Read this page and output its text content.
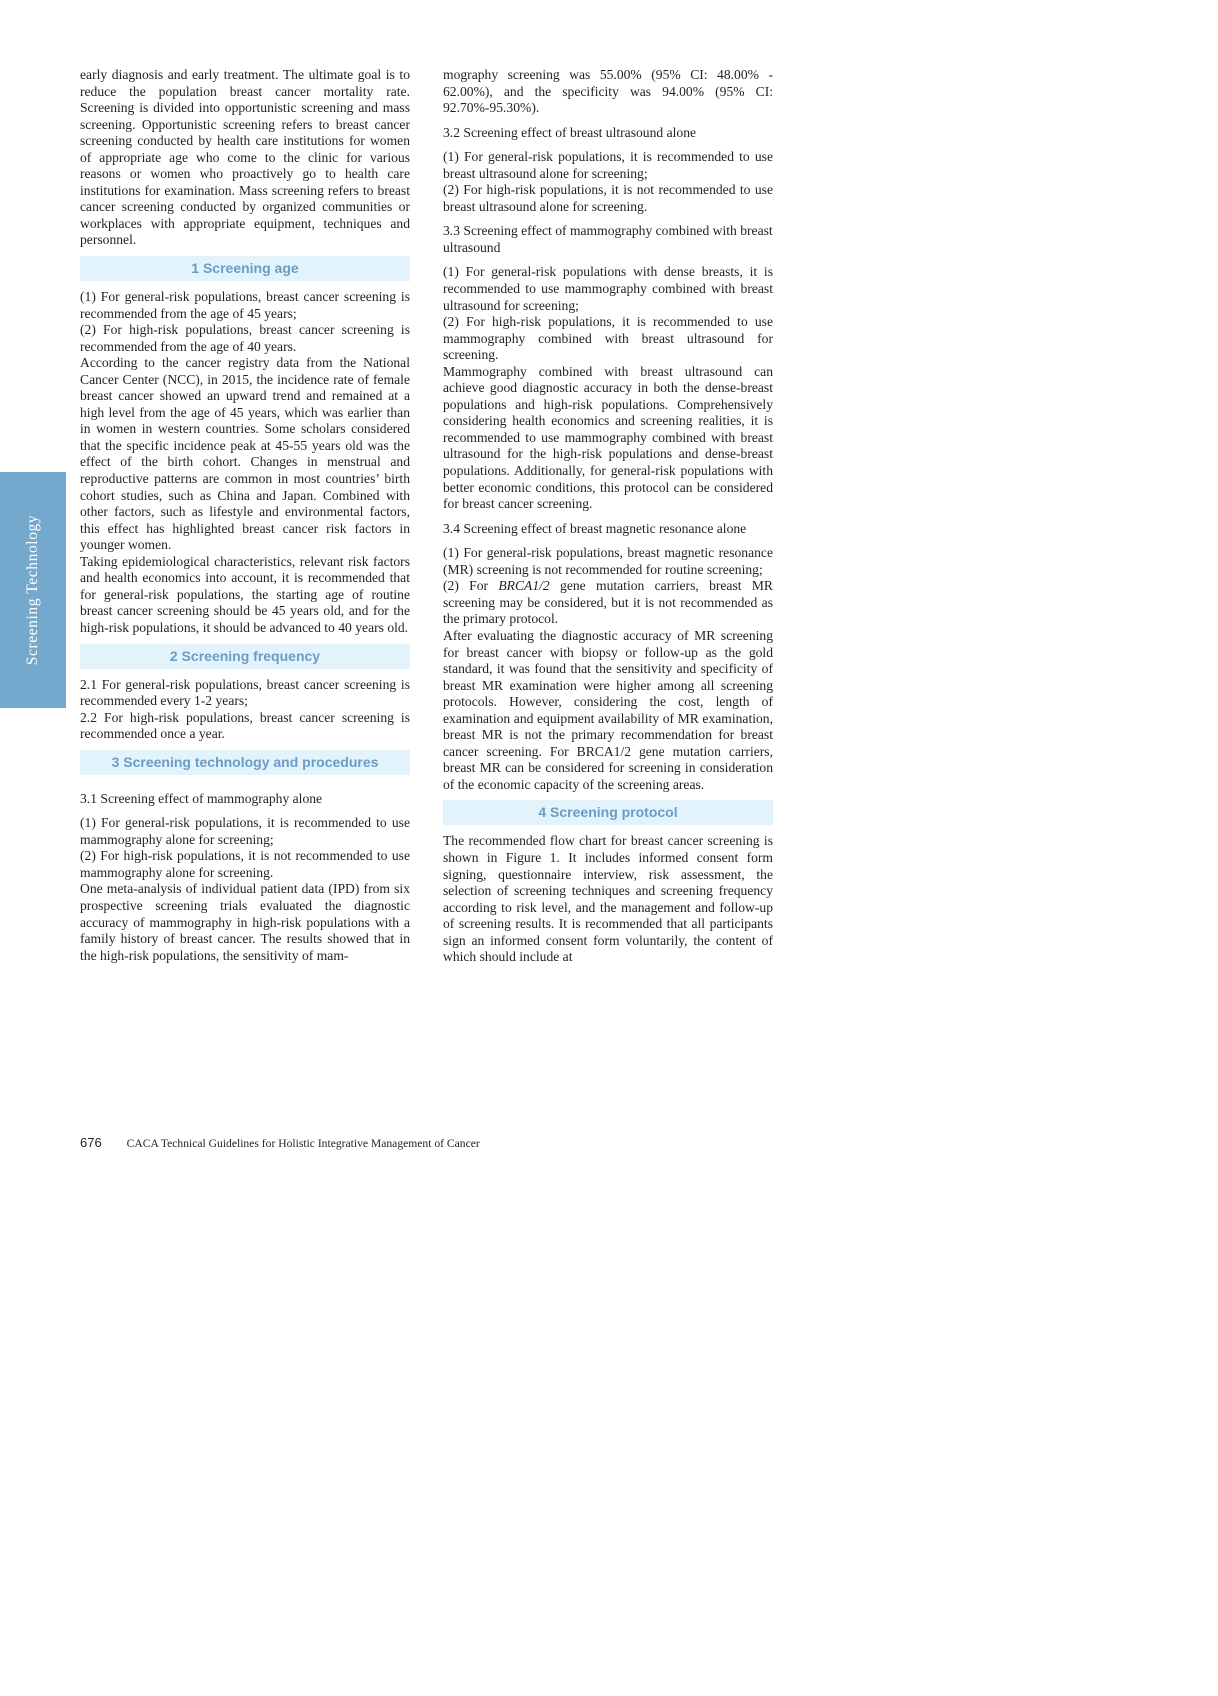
Screening Technology

early diagnosis and early treatment. The ultimate goal is to reduce the population breast cancer mortality rate. Screening is divided into opportunistic screening and mass screening. Opportunistic screening refers to breast cancer screening conducted by health care institutions for women of appropriate age who come to the clinic for various reasons or women who proactively go to health care institutions for examination. Mass screening refers to breast cancer screening conducted by organized communities or workplaces with appropriate equipment, techniques and personnel.

1 Screening age

(1) For general-risk populations, breast cancer screening is recommended from the age of 45 years;

(2) For high-risk populations, breast cancer screening is recommended from the age of 40 years.

According to the cancer registry data from the National Cancer Center (NCC), in 2015, the incidence rate of female breast cancer showed an upward trend and remained at a high level from the age of 45 years, which was earlier than in women in western countries. Some scholars considered that the specific incidence peak at 45-55 years old was the effect of the birth cohort. Changes in menstrual and reproductive patterns are common in most countries’ birth cohort studies, such as China and Japan. Combined with other factors, such as lifestyle and environmental factors, this effect has highlighted breast cancer risk factors in younger women.

Taking epidemiological characteristics, relevant risk factors and health economics into account, it is recommended that for general-risk populations, the starting age of routine breast cancer screening should be 45 years old, and for the high-risk populations, it should be advanced to 40 years old.

2 Screening frequency

2.1 For general-risk populations, breast cancer screening is recommended every 1-2 years;

2.2 For high-risk populations, breast cancer screening is recommended once a year.

3 Screening technology and procedures
3.1 Screening effect of mammography alone

(1) For general-risk populations, it is recommended to use mammography alone for screening;

(2) For high-risk populations, it is not recommended to use mammography alone for screening.

One meta-analysis of individual patient data (IPD) from six prospective screening trials evaluated the diagnostic accuracy of mammography in high-risk populations with a family history of breast cancer. The results showed that in the high-risk populations, the sensitivity of mam-

mography screening was 55.00% (95% CI: 48.00% - 62.00%), and the specificity was 94.00% (95% CI: 92.70%-95.30%).

3.2 Screening effect of breast ultrasound alone

(1) For general-risk populations, it is recommended to use breast ultrasound alone for screening;

(2) For high-risk populations, it is not recommended to use breast ultrasound alone for screening.

3.3 Screening effect of mammography combined with breast ultrasound

(1) For general-risk populations with dense breasts, it is recommended to use mammography combined with breast ultrasound for screening;

(2) For high-risk populations, it is recommended to use mammography combined with breast ultrasound for screening.

Mammography combined with breast ultrasound can achieve good diagnostic accuracy in both the dense-breast populations and high-risk populations. Comprehensively considering health economics and screening realities, it is recommended to use mammography combined with breast ultrasound for the high-risk populations and dense-breast populations. Additionally, for general-risk populations with better economic conditions, this protocol can be considered for breast cancer screening.

3.4 Screening effect of breast magnetic resonance alone

(1) For general-risk populations, breast magnetic resonance (MR) screening is not recommended for routine screening;

(2) For BRCA1/2 gene mutation carriers, breast MR screening may be considered, but it is not recommended as the primary protocol.

After evaluating the diagnostic accuracy of MR screening for breast cancer with biopsy or follow-up as the gold standard, it was found that the sensitivity and specificity of breast MR examination were higher among all screening protocols. However, considering the cost, length of examination and equipment availability of MR examination, breast MR is not the primary recommendation for breast cancer screening. For BRCA1/2 gene mutation carriers, breast MR can be considered for screening in consideration of the economic capacity of the screening areas.

4 Screening protocol

The recommended flow chart for breast cancer screening is shown in Figure 1. It includes informed consent form signing, questionnaire interview, risk assessment, the selection of screening techniques and screening frequency according to risk level, and the management and follow-up of screening results. It is recommended that all participants sign an informed consent form voluntarily, the content of which should include at

676 CACA Technical Guidelines for Holistic Integrative Management of Cancer
